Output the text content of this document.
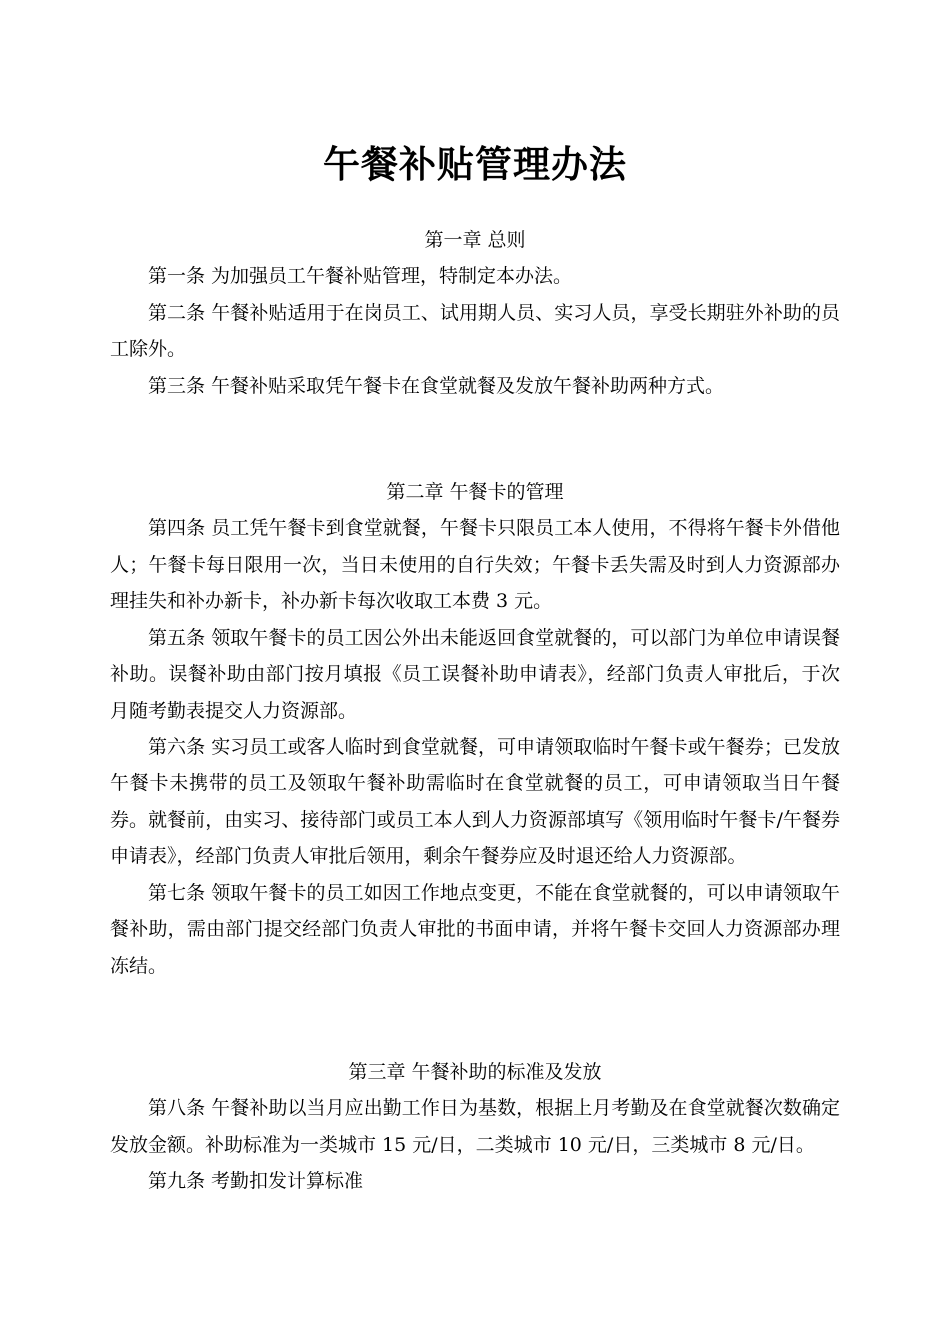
午餐补贴管理办法

第一章 总则

第一条 为加强员工午餐补贴管理，特制定本办法。

第二条 午餐补贴适用于在岗员工、试用期人员、实习人员，享受长期驻外补助的员工除外。

第三条 午餐补贴采取凭午餐卡在食堂就餐及发放午餐补助两种方式。

第二章 午餐卡的管理

第四条 员工凭午餐卡到食堂就餐，午餐卡只限员工本人使用，不得将午餐卡外借他人；午餐卡每日限用一次，当日未使用的自行失效；午餐卡丢失需及时到人力资源部办理挂失和补办新卡，补办新卡每次收取工本费 3 元。

第五条 领取午餐卡的员工因公外出未能返回食堂就餐的，可以部门为单位申请误餐补助。误餐补助由部门按月填报《员工误餐补助申请表》，经部门负责人审批后，于次月随考勤表提交人力资源部。

第六条 实习员工或客人临时到食堂就餐，可申请领取临时午餐卡或午餐券；已发放午餐卡未携带的员工及领取午餐补助需临时在食堂就餐的员工，可申请领取当日午餐券。就餐前，由实习、接待部门或员工本人到人力资源部填写《领用临时午餐卡/午餐券申请表》，经部门负责人审批后领用，剩余午餐券应及时退还给人力资源部。

第七条 领取午餐卡的员工如因工作地点变更，不能在食堂就餐的，可以申请领取午餐补助，需由部门提交经部门负责人审批的书面申请，并将午餐卡交回人力资源部办理冻结。

第三章 午餐补助的标准及发放

第八条 午餐补助以当月应出勤工作日为基数，根据上月考勤及在食堂就餐次数确定发放金额。补助标准为一类城市 15 元/日，二类城市 10 元/日，三类城市 8 元/日。

第九条 考勤扣发计算标准
